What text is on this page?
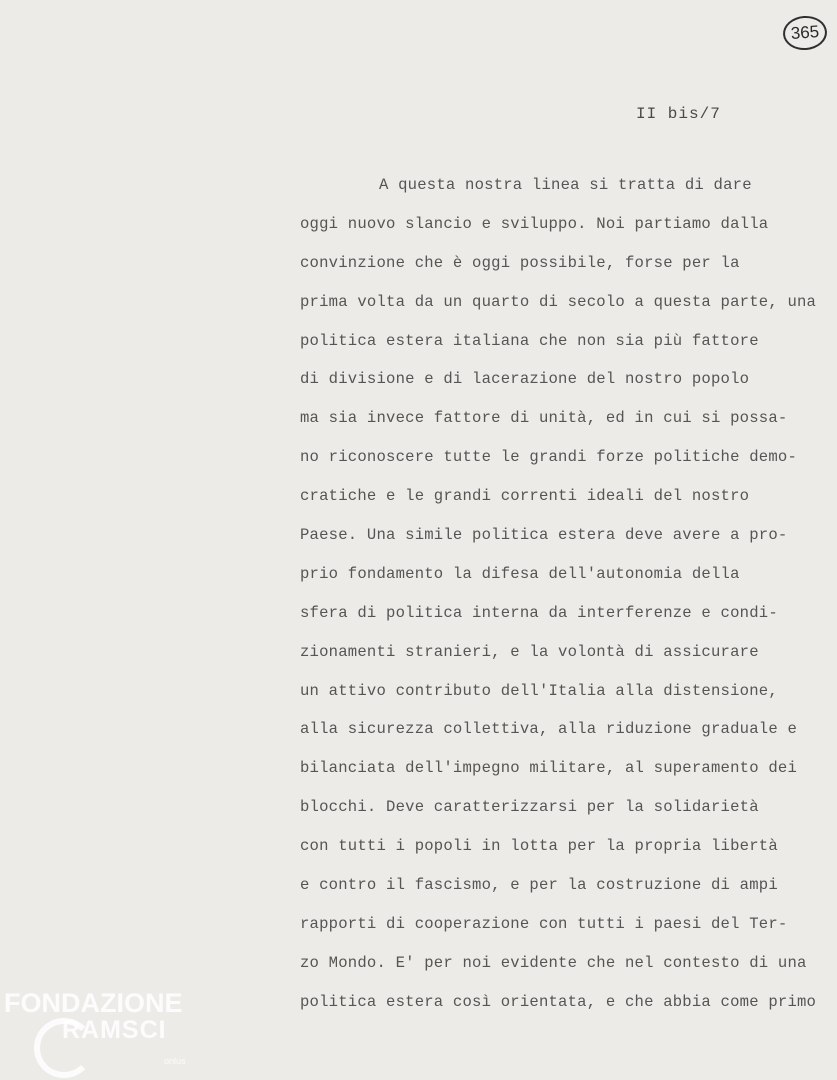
365
II bis/7
A questa nostra linea si tratta di dare
oggi nuovo slancio e sviluppo. Noi partiamo dalla
convinzione che è oggi possibile, forse per la
prima volta da un quarto di secolo a questa parte, una
politica estera italiana che non sia più fattore
di divisione e di lacerazione del nostro popolo
ma sia invece fattore di unità, ed in cui si possa-
no riconoscere tutte le grandi forze politiche demo-
cratiche e le grandi correnti ideali del nostro
Paese. Una simile politica estera deve avere a pro-
prio fondamento la difesa dell'autonomia della
sfera di politica interna da interferenze e condi-
zionamenti stranieri, e la volontà di assicurare
un attivo contributo dell'Italia alla distensione,
alla sicurezza collettiva, alla riduzione graduale e
bilanciata dell'impegno militare, al superamento dei
blocchi. Deve caratterizzarsi per la solidarietà
con tutti i popoli in lotta per la propria libertà
e contro il fascismo, e per la costruzione di ampi
rapporti di cooperazione con tutti i paesi del Ter-
zo Mondo. E' per noi evidente che nel contesto di una
politica estera così orientata, e che abbia come primo
FONDAZIONE
RAMSCI
onlus
